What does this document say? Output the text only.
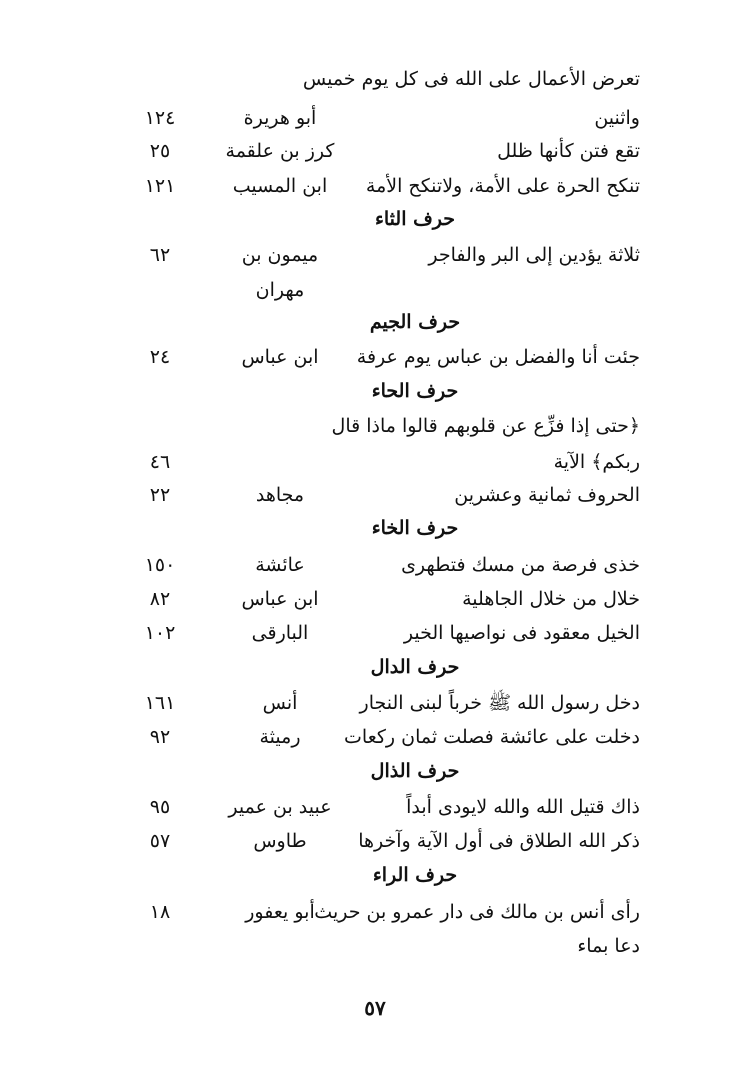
تعرض الأعمال على الله فى كل يوم خميس
واثنين
أبو هريرة
١٢٤
تقع فتن كأنها ظلل
كرز بن علقمة
٢٥
تنكح الحرة على الأمة، ولاتنكح الأمة
ابن المسيب
١٢١
حرف الثاء
ثلاثة يؤدين إلى البر والفاجر
ميمون بن
٦٢
مهران
حرف الجيم
جئت أنا والفضل بن عباس يوم عرفة
ابن عباس
٢٤
حرف الحاء
﴿حتى إذا فزِّع عن قلوبهم قالوا ماذا قال
ربكم﴾ الآية
٤٦
الحروف ثمانية وعشرين
مجاهد
٢٢
حرف الخاء
خذى فرصة من مسك فتطهرى
عائشة
١٥٠
خلال من خلال الجاهلية
ابن عباس
٨٢
الخيل معقود فى نواصيها الخير
البارقى
١٠٢
حرف الدال
دخل رسول الله ﷺ خرباً لبنى النجار
أنس
١٦١
دخلت على عائشة فصلت ثمان ركعات
رميثة
٩٢
حرف الذال
ذاك قتيل الله والله لايودى أبداً
عبيد بن عمير
٩٥
ذكر الله الطلاق فى أول الآية وآخرها
طاوس
٥٧
حرف الراء
رأى أنس بن مالك فى دار عمرو بن حريث
أبو يعفور
١٨
دعا بماء
٥٧
